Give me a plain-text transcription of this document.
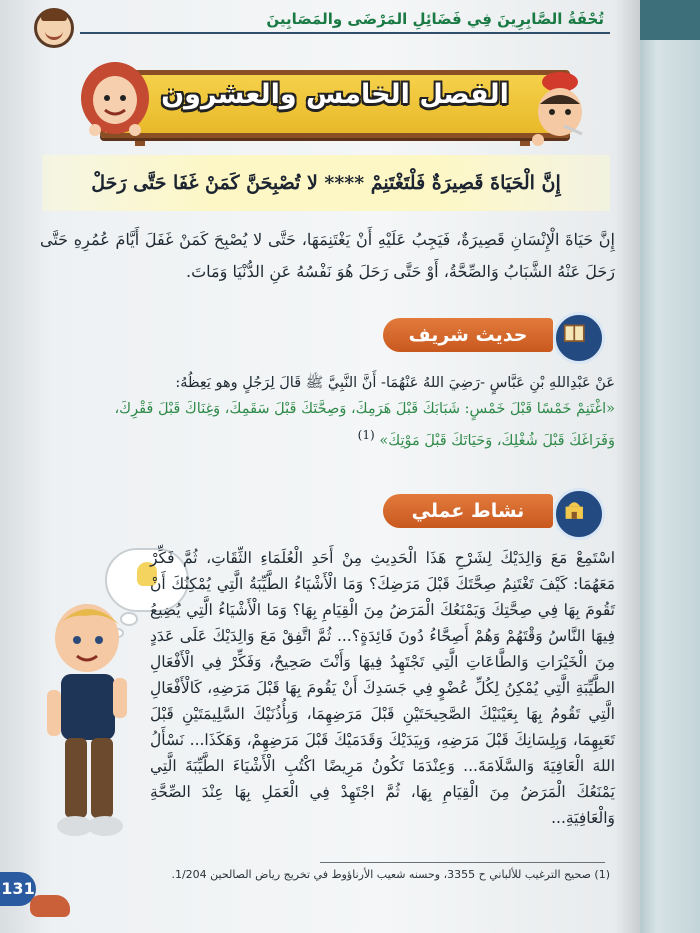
تُحْفَةُ الصَّابِرِينَ فِي فَضَائِلِ المَرْضَى والمَصَابِينَ
الفصل الخامس والعشرون
إِنَّ الْحَيَاةَ قَصِيرَةٌ فَلْتَغْتَنِمْ **** لا تُصْبِحَنَّ كَمَنْ غَفَا حَتَّى رَحَلْ
إِنَّ حَيَاةَ الْإِنْسَانِ قَصِيرَةٌ، فَيَجِبُ عَلَيْهِ أَنْ يَغْتَنِمَهَا، حَتَّى لا يُصْبِحَ كَمَنْ غَفَلَ أَيَّامَ عُمُرِهِ حَتَّى رَحَلَ عَنْهُ الشَّبَابُ وَالصِّحَّةُ، أَوْ حَتَّى رَحَلَ هُوَ نَفْسُهُ عَنِ الدُّنْيَا وَمَاتَ.
حديث شريف
عَنْ عَبْدِاللهِ بْنِ عَبَّاسٍ -رَضِيَ اللهُ عَنْهُمَا- أَنَّ النَّبِيَّ ﷺ قَالَ لِرَجُلٍ وهو يَعِظُهُ:
«اغْتَنِمْ خَمْسًا قَبْلَ خَمْسٍ: شَبَابَكَ قَبْلَ هَرَمِكَ، وَصِحَّتَكَ قَبْلَ سَقَمِكَ، وَغِنَاكَ قَبْلَ فَقْرِكَ،
وَفَرَاغَكَ قَبْلَ شُغْلِكَ، وَحَيَاتَكَ قَبْلَ مَوْتِكَ» $^{(1)}$
نشاط عملي
اسْتَمِعْ مَعَ وَالِدَيْكَ لِشَرْحِ هَذَا الْحَدِيثِ مِنْ أَحَدِ الْعُلَمَاءِ الثِّقَاتِ، ثُمَّ فَكِّرْ مَعَهُمَا: كَيْفَ تَغْتَنِمُ صِحَّتَكَ قَبْلَ مَرَضِكَ؟ وَمَا الْأَشْيَاءُ الطَّيِّبَةُ الَّتِي يُمْكِنُكَ أَنْ تَقُومَ بِهَا فِي صِحَّتِكَ وَيَمْنَعُكَ الْمَرَضُ مِنَ الْقِيَامِ بِهَا؟ وَمَا الْأَشْيَاءُ الَّتِي يُضِيعُ فِيهَا النَّاسُ وَقْتَهُمْ وَهُمْ أَصِحَّاءُ دُونَ فَائِدَةٍ؟... ثُمَّ اتَّفِقْ مَعَ وَالِدَيْكَ عَلَى عَدَدٍ مِنَ الْخَيْرَاتِ وَالطَّاعَاتِ الَّتِي تَجْتَهِدُ فِيهَا وَأَنْتَ صَحِيحٌ، وَفَكِّرْ فِي الْأَفْعَالِ الطَّيِّبَةِ الَّتِي يُمْكِنُ لِكُلِّ عُضْوٍ فِي جَسَدِكَ أَنْ يَقُومَ بِهَا قَبْلَ مَرَضِهِ، كَالْأَفْعَالِ الَّتِي تَقُومُ بِهَا بِعَيْنَيْكَ الصَّحِيحَتَيْنِ قَبْلَ مَرَضِهِمَا، وَبِأُذُنَيْكَ السَّلِيمَتَيْنِ قَبْلَ تَعَبِهِمَا، وَبِلِسَانِكَ قَبْلَ مَرَضِهِ، وَبِيَدَيْكَ وَقَدَمَيْكَ قَبْلَ مَرَضِهِمْ، وَهَكَذَا... نَسْأَلُ اللهَ الْعَافِيَةَ وَالسَّلَامَةَ... وَعِنْدَمَا تَكُونُ مَرِيضًا اكْتُبِ الْأَشْيَاءَ الطَّيِّبَةَ الَّتِي يَمْنَعُكَ الْمَرَضُ مِنَ الْقِيَامِ بِهَا، ثُمَّ اجْتَهِدْ فِي الْعَمَلِ بِهَا عِنْدَ الصِّحَّةِ وَالْعَافِيَةِ...
(1) صحيح الترغيب للألباني ح 3355، وحسنه شعيب الأرناؤوط في تخريج رياض الصالحين 1/204.
131
